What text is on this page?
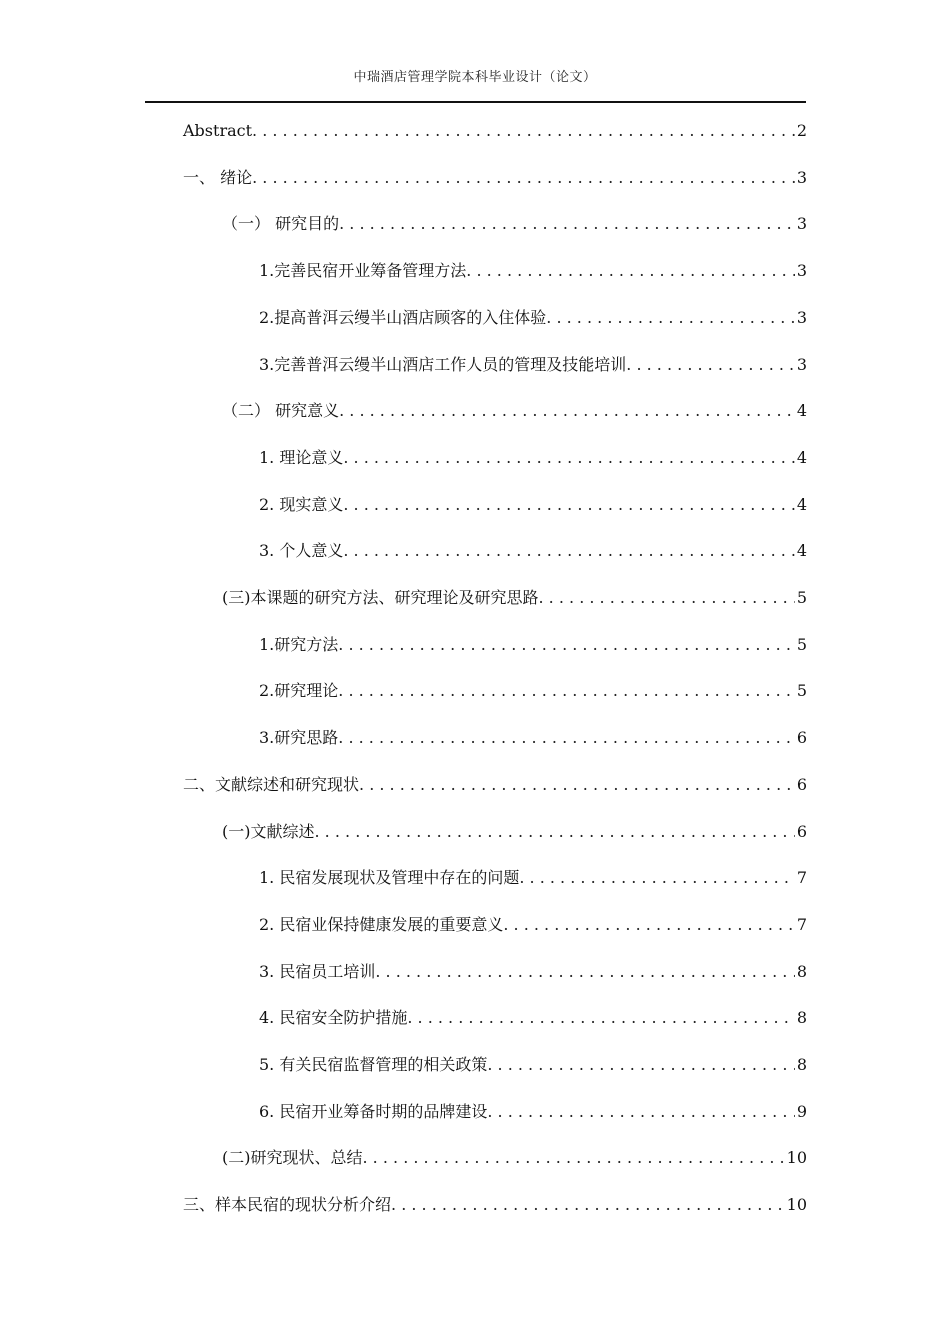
中瑞酒店管理学院本科毕业设计（论文）
Abstract . . .	2
一、 绪论 . . .	3
（一） 研究目的 . . .	3
1.完善民宿开业筹备管理方法 . . .	3
2.提高普洱云缦半山酒店顾客的入住体验 . . .	3
3.完善普洱云缦半山酒店工作人员的管理及技能培训 . . .	3
（二） 研究意义 . . .	4
1. 理论意义 . . .	4
2. 现实意义 . . .	4
3. 个人意义 . . .	4
(三)本课题的研究方法、研究理论及研究思路 . . .	5
1.研究方法 . . .	5
2.研究理论 . . .	5
3.研究思路 . . .	6
二、文献综述和研究现状 . . .	6
(一)文献综述 . . .	6
1. 民宿发展现状及管理中存在的问题 . . .	7
2. 民宿业保持健康发展的重要意义 . . .	7
3. 民宿员工培训 . . .	8
4. 民宿安全防护措施 . . .	8
5. 有关民宿监督管理的相关政策 . . .	8
6. 民宿开业筹备时期的品牌建设 . . .	9
(二)研究现状、总结 . . .	10
三、样本民宿的现状分析介绍 . . .	10
